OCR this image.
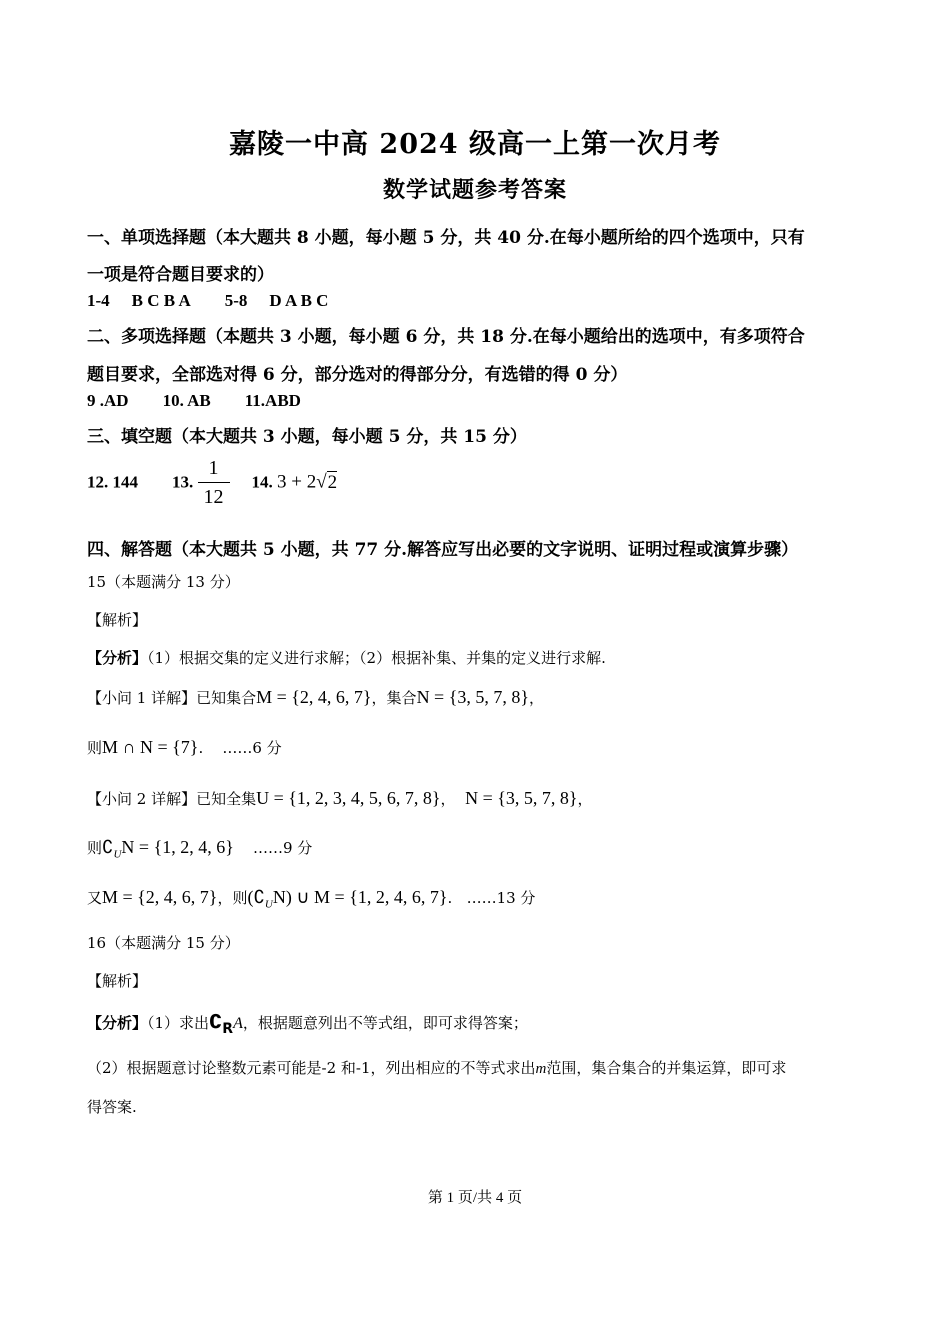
嘉陵一中高 2024 级高一上第一次月考
数学试题参考答案
一、单项选择题（本大题共 8 小题，每小题 5 分，共 40 分.在每小题所给的四个选项中，只有
一项是符合题目要求的）
1-4 B C B A 5-8 D A B C
二、多项选择题（本题共 3 小题，每小题 6 分，共 18 分.在每小题给出的选项中，有多项符合
题目要求，全部选对得 6 分，部分选对的得部分分，有选错的得 0 分）
9 .AD 10. AB 11.ABD
三、填空题（本大题共 3 小题，每小题 5 分，共 15 分）
12. 144 13. $\frac{1}{12} 14$. 3 + 2√2
四、解答题（本大题共 5 小题，共 77 分.解答应写出必要的文字说明、证明过程或演算步骤）
15（本题满分 13 分）
【解析】
【分析】（1）根据交集的定义进行求解；（2）根据补集、并集的定义进行求解.
【小问 1 详解】已知集合M = {2, 4, 6, 7}，集合N = {3, 5, 7, 8}，
则M ∩ N = {7}. ……6 分
【小问 2 详解】已知全集U = {1, 2, 3, 4, 5, 6, 7, 8}， N = {3, 5, 7, 8}，
则$∁_UN = \{1$, 2, 4, 6} ……9 分
又M = {2, 4, 6, 7}，则$(∁_UN)$ ∪ M = {1, 2, 4, 6, 7}. ……13 分
16（本题满分 15 分）
【解析】
【分析】（1）求出$∁_RA$，根据题意列出不等式组，即可求得答案；
（2）根据题意讨论整数元素可能是-2 和-1，列出相应的不等式求出m范围，集合集合的并集运算，即可求
得答案.
第 1 页/共 4 页
